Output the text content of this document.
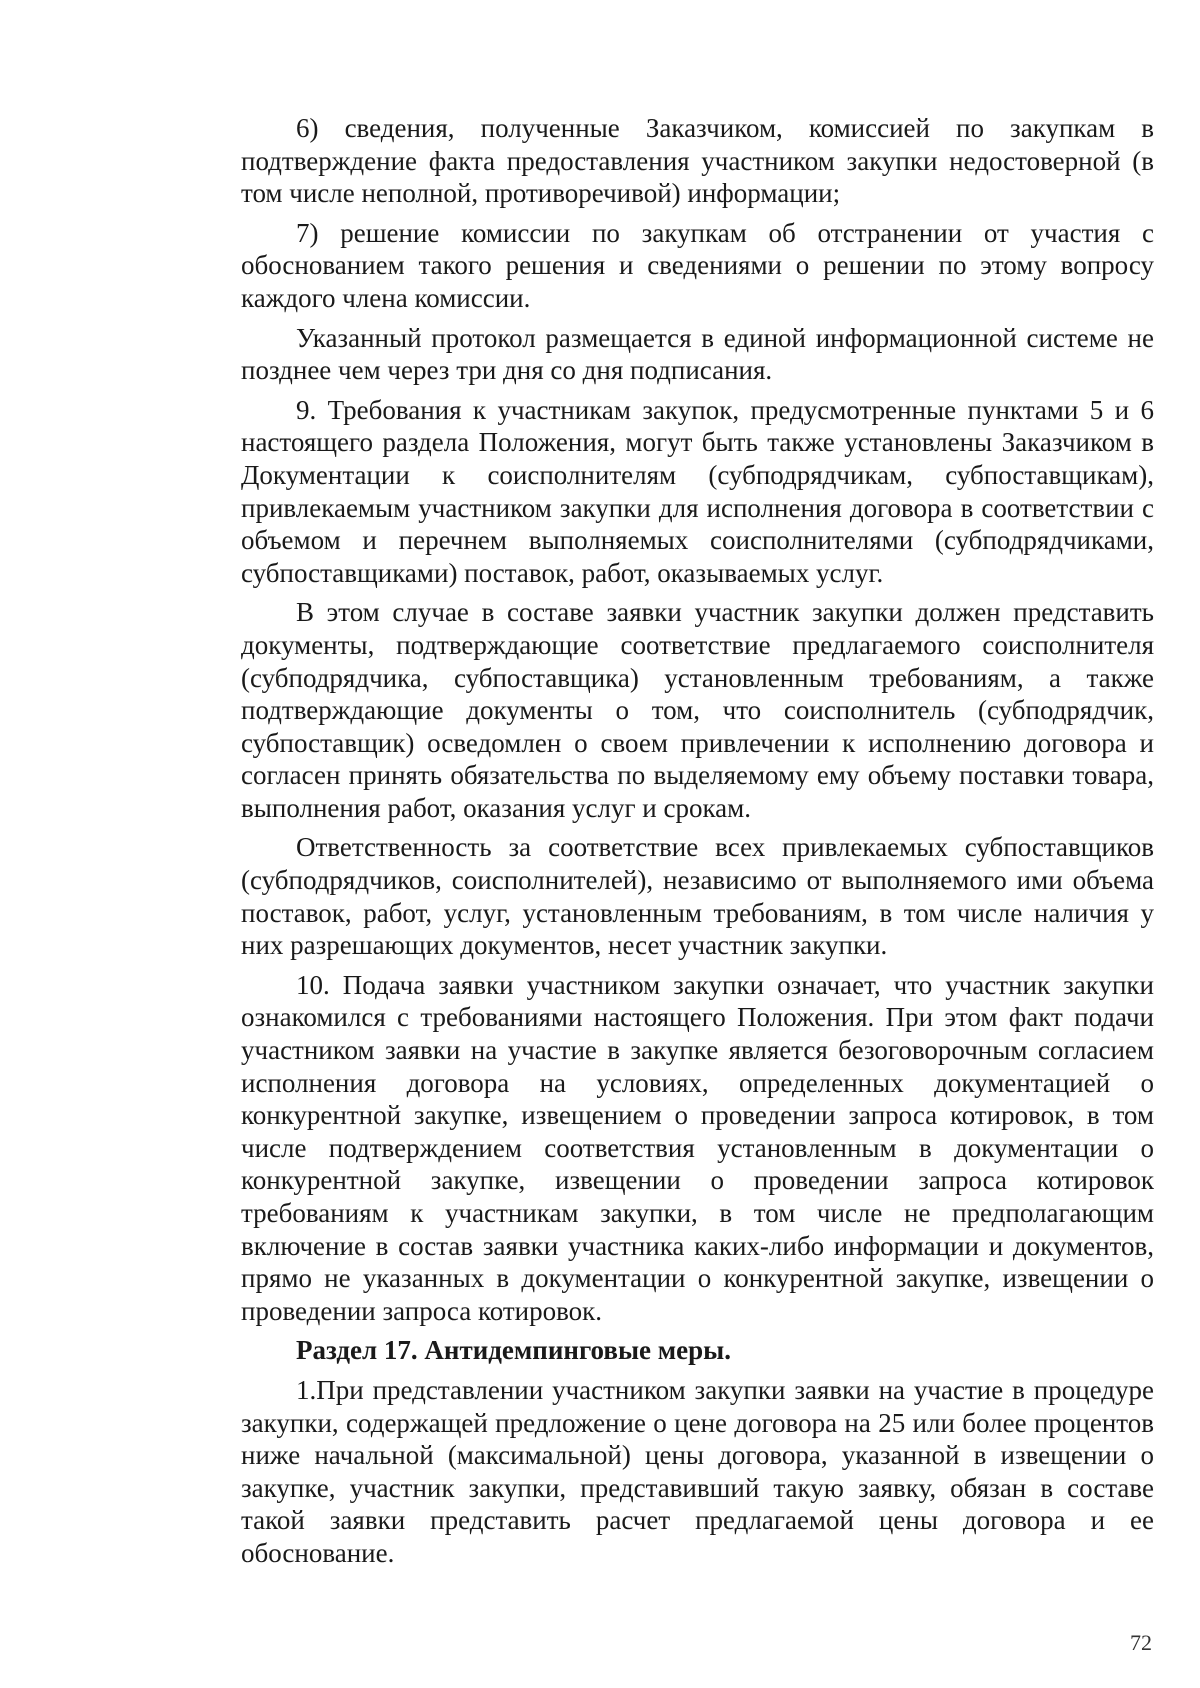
6) сведения, полученные Заказчиком, комиссией по закупкам в подтверждение факта предоставления участником закупки недостоверной (в том числе неполной, противоречивой) информации;

7) решение комиссии по закупкам об отстранении от участия с обоснованием такого решения и сведениями о решении по этому вопросу каждого члена комиссии.

Указанный протокол размещается в единой информационной системе не позднее чем через три дня со дня подписания.

9. Требования к участникам закупок, предусмотренные пунктами 5 и 6 настоящего раздела Положения, могут быть также установлены Заказчиком в Документации к соисполнителям (субподрядчикам, субпоставщикам), привлекаемым участником закупки для исполнения договора в соответствии с объемом и перечнем выполняемых соисполнителями (субподрядчиками, субпоставщиками) поставок, работ, оказываемых услуг.

В этом случае в составе заявки участник закупки должен представить документы, подтверждающие соответствие предлагаемого соисполнителя (субподрядчика, субпоставщика) установленным требованиям, а также подтверждающие документы о том, что соисполнитель (субподрядчик, субпоставщик) осведомлен о своем привлечении к исполнению договора и согласен принять обязательства по выделяемому ему объему поставки товара, выполнения работ, оказания услуг и срокам.

Ответственность за соответствие всех привлекаемых субпоставщиков (субподрядчиков, соисполнителей), независимо от выполняемого ими объема поставок, работ, услуг, установленным требованиям, в том числе наличия у них разрешающих документов, несет участник закупки.

10. Подача заявки участником закупки означает, что участник закупки ознакомился с требованиями настоящего Положения. При этом факт подачи участником заявки на участие в закупке является безоговорочным согласием исполнения договора на условиях, определенных документацией о конкурентной закупке, извещением о проведении запроса котировок, в том числе подтверждением соответствия установленным в документации о конкурентной закупке, извещении о проведении запроса котировок требованиям к участникам закупки, в том числе не предполагающим включение в состав заявки участника каких-либо информации и документов, прямо не указанных в документации о конкурентной закупке, извещении о проведении запроса котировок.

Раздел 17. Антидемпинговые меры.

1.При представлении участником закупки заявки на участие в процедуре закупки, содержащей предложение о цене договора на 25 или более процентов ниже начальной (максимальной) цены договора, указанной в извещении о закупке, участник закупки, представивший такую заявку, обязан в составе такой заявки представить расчет предлагаемой цены договора и ее обоснование.

72
